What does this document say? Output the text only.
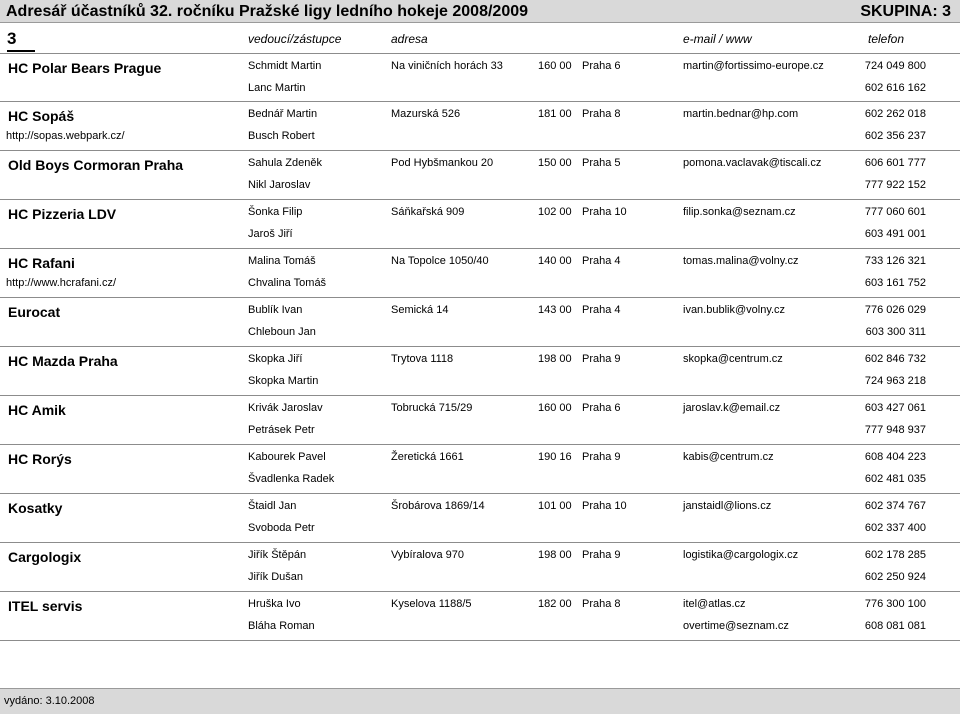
Adresář účastníků 32. ročníku Pražské ligy ledního hokeje 2008/2009	SKUPINA: 3
3	vedoucí/zástupce	adresa	e-mail / www	telefon
HC Polar Bears Prague	Schmidt Martin	Na viničních horách 33	160 00 Praha 6	martin@fortissimo-europe.cz	724 049 800
Lanc Martin	602 616 162
HC Sopáš	Bednář Martin	Mazurská 526	181 00 Praha 8	martin.bednar@hp.com	602 262 018
http://sopas.webpark.cz/	Busch Robert	602 356 237
Old Boys Cormoran Praha	Sahula Zdeněk	Pod Hybšmankou 20	150 00 Praha 5	pomona.vaclavak@tiscali.cz	606 601 777
Nikl Jaroslav	777 922 152
HC Pizzeria LDV	Šonka Filip	Sáňkařská 909	102 00 Praha 10	filip.sonka@seznam.cz	777 060 601
Jaroš Jiří	603 491 001
HC Rafani	Malina Tomáš	Na Topolce 1050/40	140 00 Praha 4	tomas.malina@volny.cz	733 126 321
http://www.hcrafani.cz/	Chvalina Tomáš	603 161 752
Eurocat	Bublík Ivan	Semická 14	143 00 Praha 4	ivan.bublik@volny.cz	776 026 029
Chleboun Jan	603 300 311
HC Mazda Praha	Skopka Jiří	Trytova 1118	198 00 Praha 9	skopka@centrum.cz	602 846 732
Skopka Martin	724 963 218
HC Amik	Krivák Jaroslav	Tobrucká 715/29	160 00 Praha 6	jaroslav.k@email.cz	603 427 061
Petrásek Petr	777 948 937
HC Rorýs	Kabourek Pavel	Žeretická 1661	190 16 Praha 9	kabis@centrum.cz	608 404 223
Švadlenka Radek	602 481 035
Kosatky	Štaidl Jan	Šrobárova 1869/14	101 00 Praha 10	janstaidl@lions.cz	602 374 767
Svoboda Petr	602 337 400
Cargologix	Jiřík Štěpán	Vybíralova 970	198 00 Praha 9	logistika@cargologix.cz	602 178 285
Jiřík Dušan	602 250 924
ITEL servis	Hruška Ivo	Kyselova 1188/5	182 00 Praha 8	itel@atlas.cz	776 300 100
Bláha Roman	overtime@seznam.cz	608 081 081
vydáno: 3.10.2008
